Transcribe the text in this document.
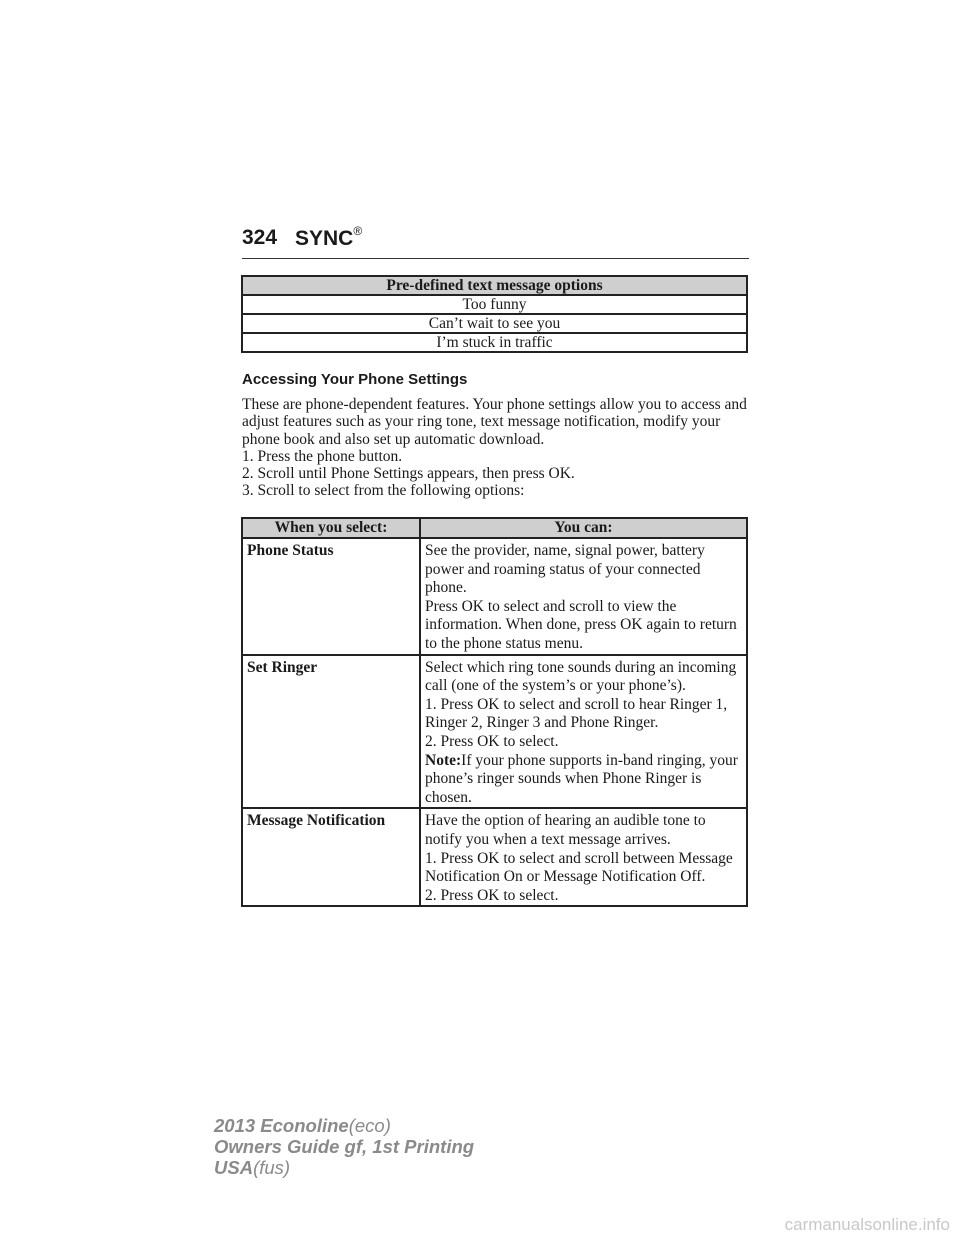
324 SYNC®
Pre-defined text message options
Too funny
Can’t wait to see you
I’m stuck in traffic
Accessing Your Phone Settings

These are phone-dependent features. Your phone settings allow you to access and adjust features such as your ring tone, text message notification, modify your phone book and also set up automatic download.

1. Press the phone button.

2. Scroll until Phone Settings appears, then press OK.

3. Scroll to select from the following options:

When you select:	You can:
Phone Status	See the provider, name, signal power, battery power and roaming status of your connected phone.

Press OK to select and scroll to view the information. When done, press OK again to return to the phone status menu.

Set Ringer	Select which ring tone sounds during an incoming call (one of the system’s or your phone’s).

1. Press OK to select and scroll to hear Ringer 1, Ringer 2, Ringer 3 and Phone Ringer.

2. Press OK to select.

Note:If your phone supports in-band ringing, your phone’s ringer sounds when Phone Ringer is chosen.

Message Notification	Have the option of hearing an audible tone to notify you when a text message arrives.

1. Press OK to select and scroll between Message Notification On or Message Notification Off.

2. Press OK to select.

2013 Econoline(eco)
Owners Guide gf, 1st Printing
USA(fus)
carmanualsonline.info
